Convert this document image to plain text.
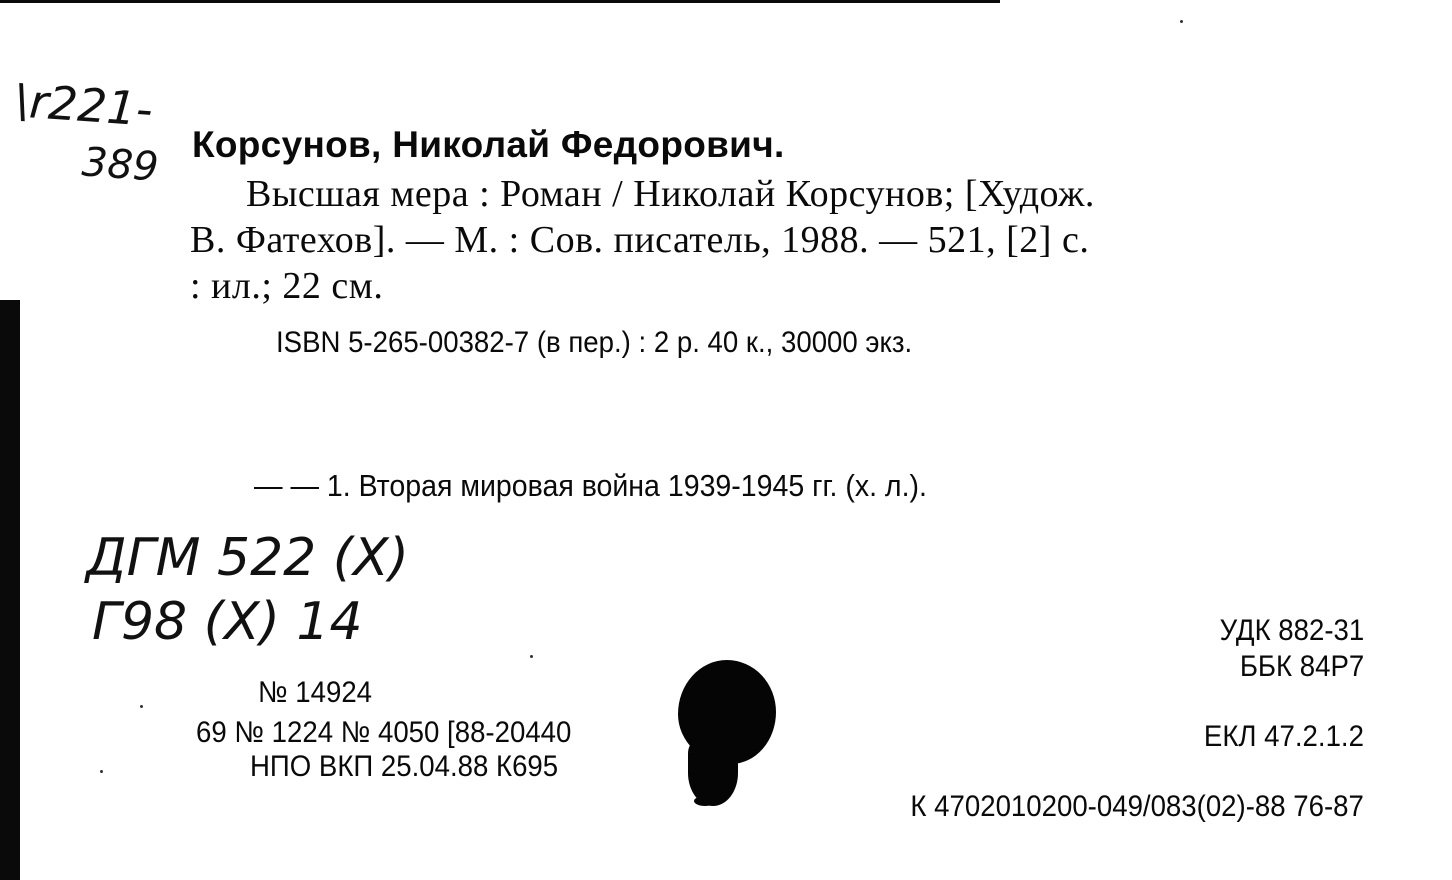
\r221-
389
ДГМ 522 (Х)
Г98 (Х) 14
Корсунов, Николай Федорович.
Высшая мера : Роман / Николай Корсунов; [Худож.
В. Фатехов]. — М. : Сов. писатель, 1988. — 521, [2] с.
: ил.; 22 см.
ISBN 5-265-00382-7 (в пер.) : 2 р. 40 к., 30000 экз.
— — 1. Вторая мировая война 1939-1945 гг. (х. л.).
УДК 882-31
ББК 84Р7
ЕКЛ 47.2.1.2
№ 14924
69 № 1224 № 4050 [88-20440
НПО ВКП 25.04.88 К695
К 4702010200-049/083(02)-88 76-87
